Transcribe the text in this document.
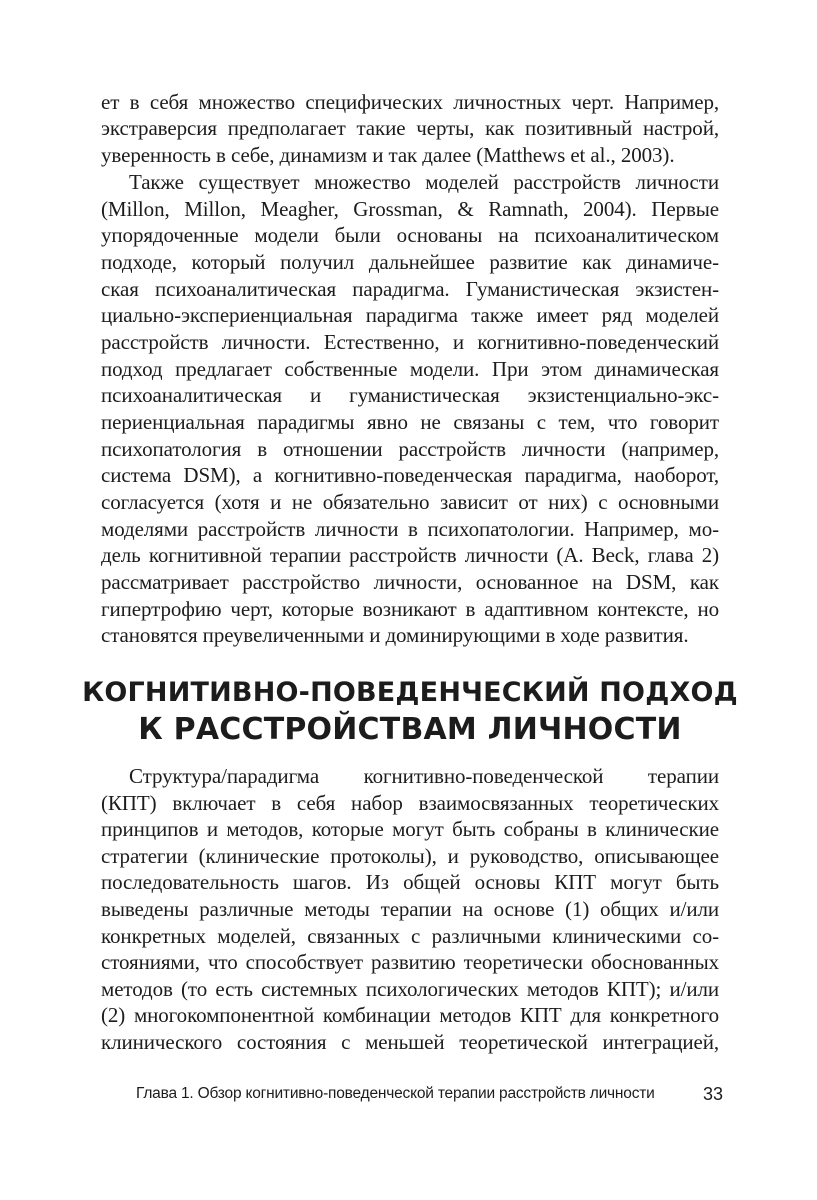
ет в себя множество специфических личностных черт. Например,
экстраверсия предполагает такие черты, как позитивный настрой,
уверенность в себе, динамизм и так далее (Matthews et al., 2003).
Также существует множество моделей расстройств личности
(Millon, Millon, Meagher, Grossman, & Ramnath, 2004). Первые
упорядоченные модели были основаны на психоаналитическом
подходе, который получил дальнейшее развитие как динамиче-
ская психоаналитическая парадигма. Гуманистическая экзистен-
циально-экспериенциальная парадигма также имеет ряд моделей
расстройств личности. Естественно, и когнитивно-поведенческий
подход предлагает собственные модели. При этом динамическая
психоаналитическая и гуманистическая экзистенциально-экс-
периенциальная парадигмы явно не связаны с тем, что говорит
психопатология в отношении расстройств личности (например,
система DSM), а когнитивно-поведенческая парадигма, наоборот,
согласуется (хотя и не обязательно зависит от них) с основными
моделями расстройств личности в психопатологии. Например, мо-
дель когнитивной терапии расстройств личности (A. Beck, глава 2)
рассматривает расстройство личности, основанное на DSM, как
гипертрофию черт, которые возникают в адаптивном контексте, но
становятся преувеличенными и доминирующими в ходе развития.
КОГНИТИВНО-ПОВЕДЕНЧЕСКИЙ ПОДХОД
К РАССТРОЙСТВАМ ЛИЧНОСТИ
Структура/парадигма когнитивно-поведенческой терапии
(КПТ) включает в себя набор взаимосвязанных теоретических
принципов и методов, которые могут быть собраны в клинические
стратегии (клинические протоколы), и руководство, описывающее
последовательность шагов. Из общей основы КПТ могут быть
выведены различные методы терапии на основе (1) общих и/или
конкретных моделей, связанных с различными клиническими со-
стояниями, что способствует развитию теоретически обоснованных
методов (то есть системных психологических методов КПТ); и/или
(2) многокомпонентной комбинации методов КПТ для конкретного
клинического состояния с меньшей теоретической интеграцией,
Глава 1. Обзор когнитивно-поведенческой терапии расстройств личности	33
